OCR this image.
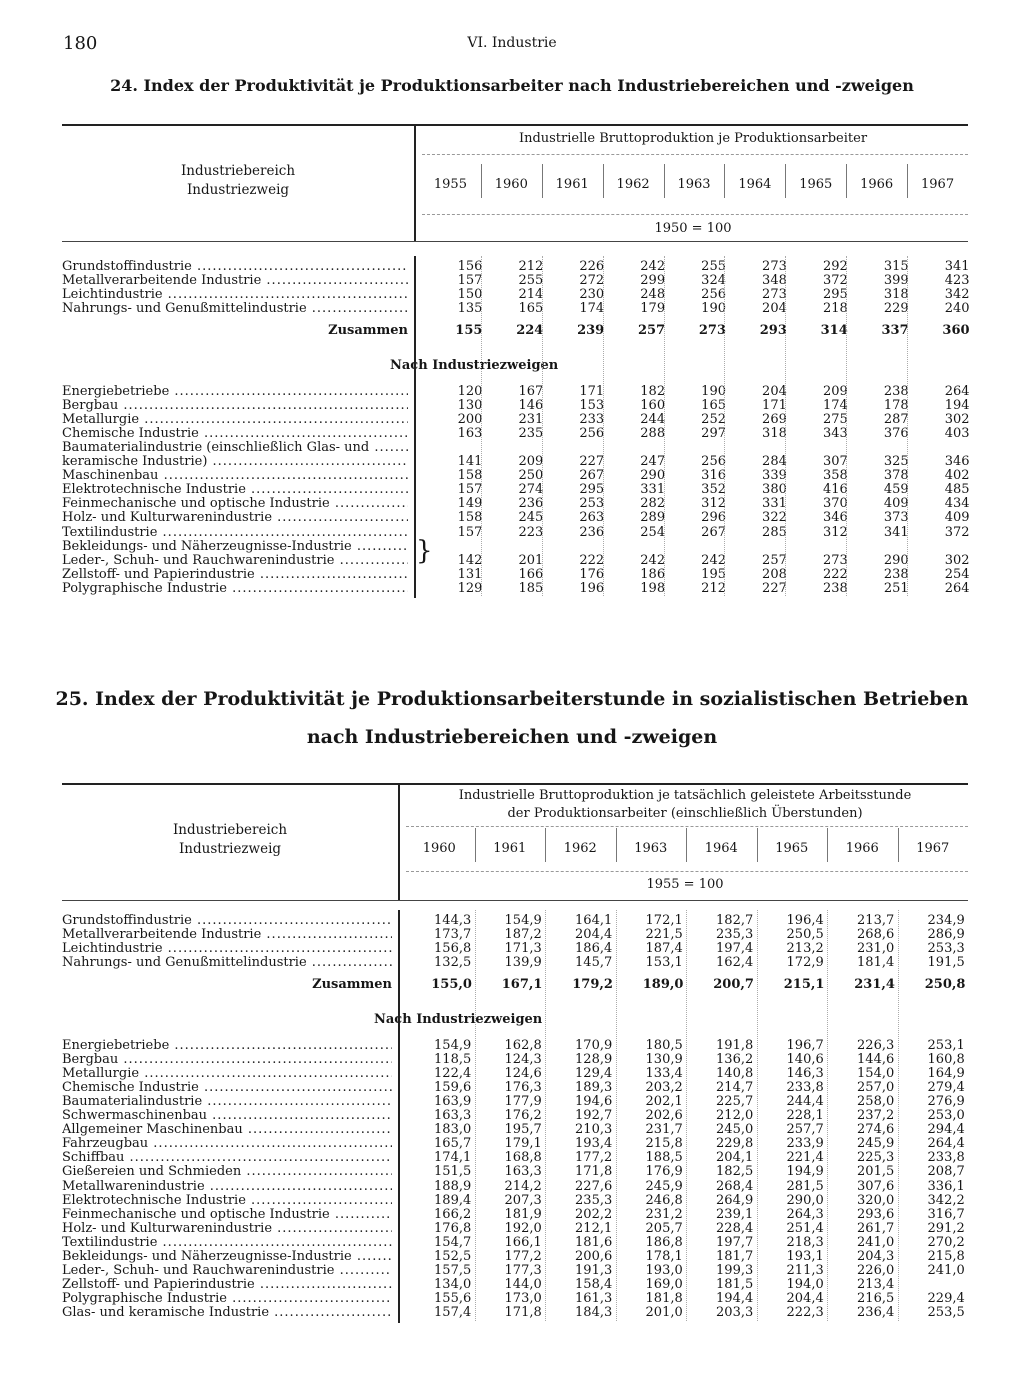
180	VI. Industrie
24. Index der Produktivität je Produktionsarbeiter nach Industriebereichen und -zweigen
Industriebereich
Industriezweig
Industrielle Bruttoproduktion je Produktionsarbeiter
1955	1960	1961	1962	1963	1964	1965	1966	1967
1950 = 100
Grundstoffindustrie .....	156	212	226	242	255	273	292	315	341
Metallverarbeitende Industrie .....	157	255	272	299	324	348	372	399	423
Leichtindustrie .....	150	214	230	248	256	273	295	318	342
Nahrungs- und Genußmittelindustrie .....	135	165	174	179	190	204	218	229	240
Zusammen	155	224	239	257	273	293	314	337	360
Nach Industriezweigen
Energiebetriebe .....	120	167	171	182	190	204	209	238	264
Bergbau .....	130	146	153	160	165	171	174	178	194
Metallurgie .....	200	231	233	244	252	269	275	287	302
Chemische Industrie .....	163	235	256	288	297	318	343	376	403
Baumaterialindustrie (einschließlich Glas- und .....
keramische Industrie) .....	141	209	227	247	256	284	307	325	346
Maschinenbau .....	158	250	267	290	316	339	358	378	402
Elektrotechnische Industrie .....	157	274	295	331	352	380	416	459	485
Feinmechanische und optische Industrie .....	149	236	253	282	312	331	370	409	434
Holz- und Kulturwarenindustrie .....	158	245	263	289	296	322	346	373	409
Textilindustrie .....	157	223	236	254	267	285	312	341	372
Bekleidungs- und Näherzeugnisse-Industrie .....
Leder-, Schuh- und Rauchwarenindustrie .....	142	201	222	242	242	257	273	290	302
Zellstoff- und Papierindustrie .....	131	166	176	186	195	208	222	238	254
Polygraphische Industrie .....	129	185	196	198	212	227	238	251	264
}
25. Index der Produktivität je Produktionsarbeiterstunde in sozialistischen Betrieben
nach Industriebereichen und -zweigen
Industriebereich
Industriezweig
Industrielle Bruttoproduktion je tatsächlich geleistete Arbeitsstunde
der Produktionsarbeiter (einschließlich Überstunden)
1960	1961	1962	1963	1964	1965	1966	1967
1955 = 100
Grundstoffindustrie .....	144,3	154,9	164,1	172,1	182,7	196,4	213,7	234,9
Metallverarbeitende Industrie .....	173,7	187,2	204,4	221,5	235,3	250,5	268,6	286,9
Leichtindustrie .....	156,8	171,3	186,4	187,4	197,4	213,2	231,0	253,3
Nahrungs- und Genußmittelindustrie .....	132,5	139,9	145,7	153,1	162,4	172,9	181,4	191,5
Zusammen	155,0 167,1 179,2 189,0 200,7 215,1 231,4 250,8
Nach Industriezweigen
Energiebetriebe .....	154,9	162,8	170,9	180,5	191,8	196,7	226,3	253,1
Bergbau .....	118,5	124,3	128,9	130,9	136,2	140,6	144,6	160,8
Metallurgie .....	122,4	124,6	129,4	133,4	140,8	146,3	154,0	164,9
Chemische Industrie .....	159,6	176,3	189,3	203,2	214,7	233,8	257,0	279,4
Baumaterialindustrie .....	163,9	177,9	194,6	202,1	225,7	244,4	258,0	276,9
Schwermaschinenbau .....	163,3	176,2	192,7	202,6	212,0	228,1	237,2	253,0
Allgemeiner Maschinenbau .....	183,0	195,7	210,3	231,7	245,0	257,7	274,6	294,4
Fahrzeugbau .....	165,7	179,1	193,4	215,8	229,8	233,9	245,9	264,4
Schiffbau .....	174,1	168,8	177,2	188,5	204,1	221,4	225,3	233,8
Gießereien und Schmieden .....	151,5	163,3	171,8	176,9	182,5	194,9	201,5	208,7
Metallwarenindustrie .....	188,9	214,2	227,6	245,9	268,4	281,5	307,6	336,1
Elektrotechnische Industrie .....	189,4	207,3	235,3	246,8	264,9	290,0	320,0	342,2
Feinmechanische und optische Industrie .....	166,2	181,9	202,2	231,2	239,1	264,3	293,6	316,7
Holz- und Kulturwarenindustrie .....	176,8	192,0	212,1	205,7	228,4	251,4	261,7	291,2
Textilindustrie .....	154,7	166,1	181,6	186,8	197,7	218,3	241,0	270,2
Bekleidungs- und Näherzeugnisse-Industrie .....	152,5	177,2	200,6	178,1	181,7	193,1	204,3	215,8
Leder-, Schuh- und Rauchwarenindustrie .....	157,5	177,3	191,3	193,0	199,3	211,3	226,0	241,0
Zellstoff- und Papierindustrie .....	134,0	144,0	158,4	169,0	181,5	194,0	213,4
Polygraphische Industrie .....	155,6	173,0	161,3	181,8	194,4	204,4	216,5	229,4
Glas- und keramische Industrie .....	157,4	171,8	184,3	201,0	203,3	222,3	236,4	253,5
